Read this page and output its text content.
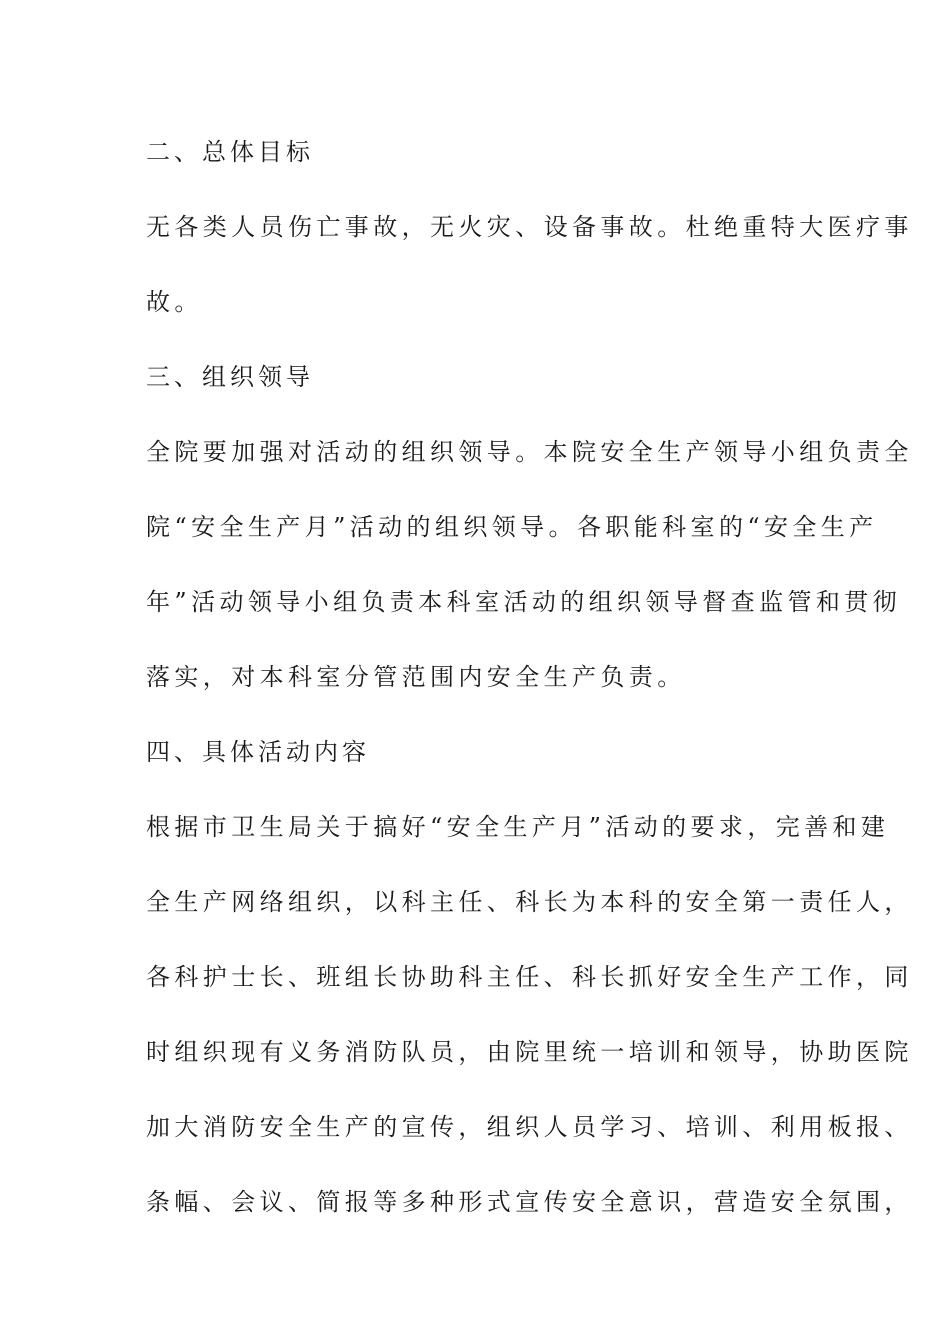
二、总体目标
无各类人员伤亡事故，无火灾、设备事故。杜绝重特大医疗事
故。
三、组织领导
全院要加强对活动的组织领导。本院安全生产领导小组负责全
院“安全生产月”活动的组织领导。各职能科室的“安全生产
年”活动领导小组负责本科室活动的组织领导督查监管和贯彻
落实，对本科室分管范围内安全生产负责。
四、具体活动内容
根据市卫生局关于搞好“安全生产月”活动的要求，完善和建
全生产网络组织，以科主任、科长为本科的安全第一责任人，
各科护士长、班组长协助科主任、科长抓好安全生产工作，同
时组织现有义务消防队员，由院里统一培训和领导，协助医院
加大消防安全生产的宣传，组织人员学习、培训、利用板报、
条幅、会议、简报等多种形式宣传安全意识，营造安全氛围，
